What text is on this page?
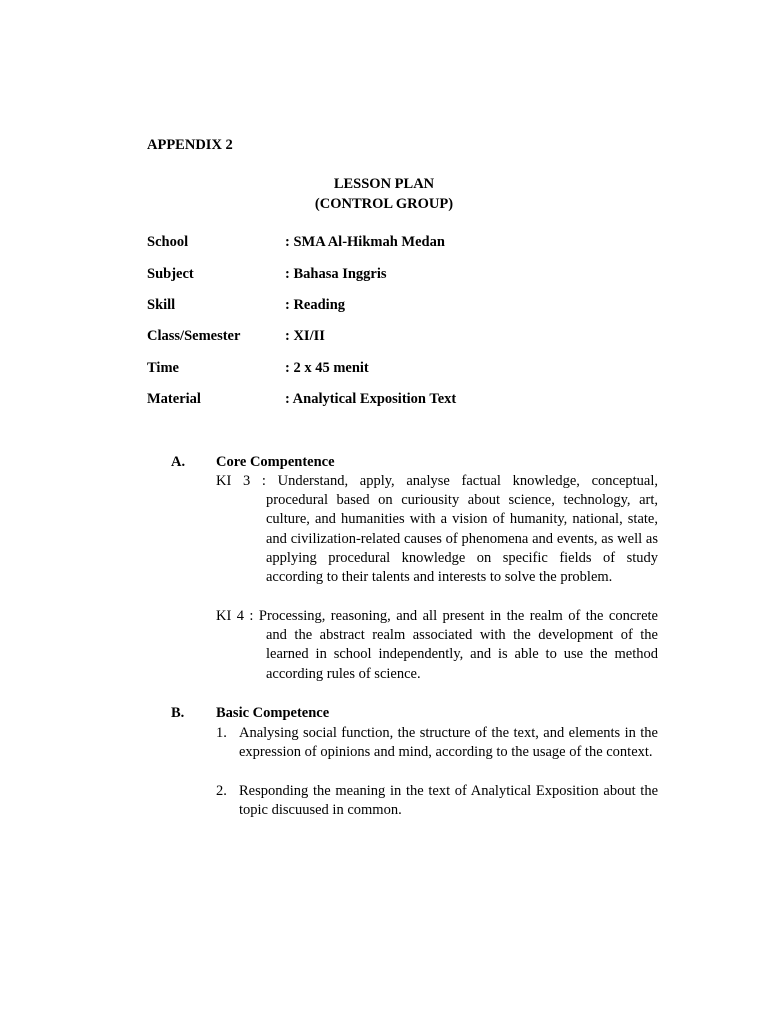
APPENDIX 2
LESSON PLAN
(CONTROL GROUP)
School	: SMA Al-Hikmah Medan
Subject	: Bahasa Inggris
Skill	: Reading
Class/Semester	: XI/II
Time	: 2 x 45 menit
Material	: Analytical Exposition Text
A. Core Compentence
KI 3 : Understand, apply, analyse factual knowledge, conceptual, procedural based on curiousity about science, technology, art, culture, and humanities with a vision of humanity, national, state, and civilization-related causes of phenomena and events, as well as applying procedural knowledge on specific fields of study according to their talents and interests to solve the problem.
KI 4 : Processing, reasoning, and all present in the realm of the concrete and the abstract realm associated with the development of the learned in school independently, and is able to use the method according rules of science.
B. Basic Competence
1. Analysing social function, the structure of the text, and elements in the expression of opinions and mind, according to the usage of the context.
2. Responding the meaning in the text of Analytical Exposition about the topic discuused in common.
